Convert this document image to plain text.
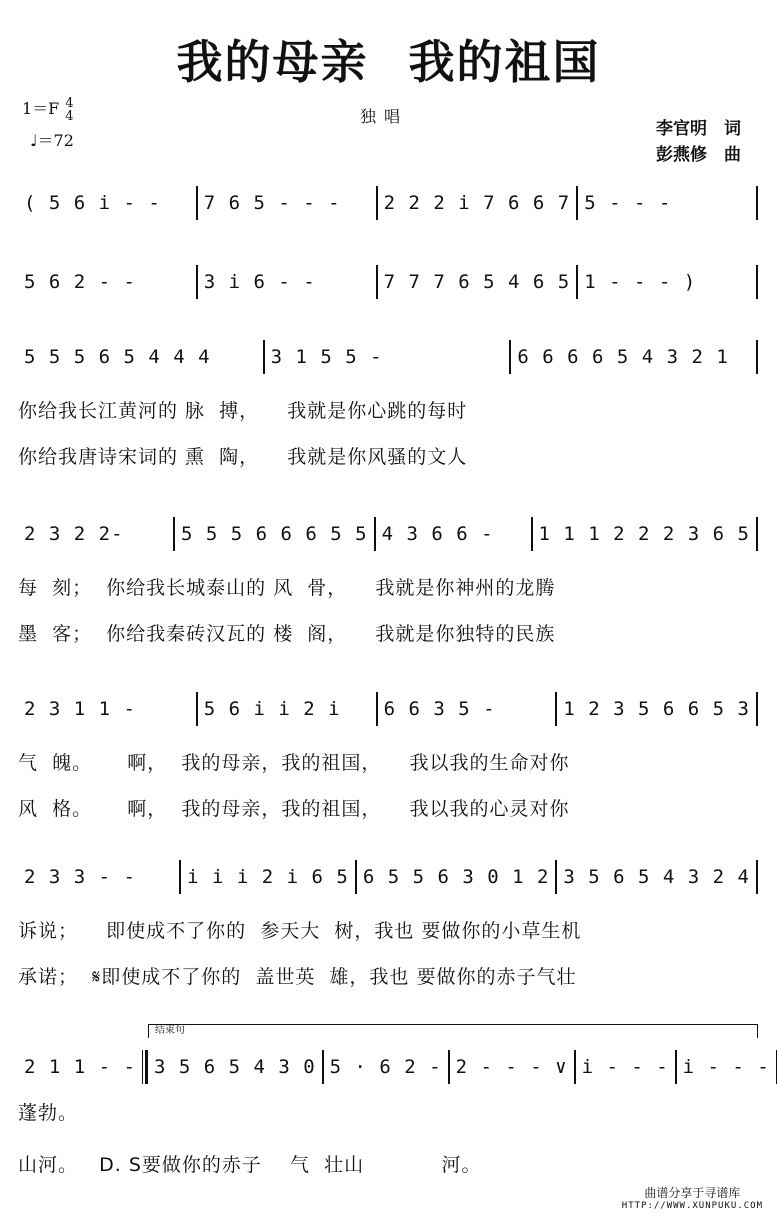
我的母亲 我的祖国
1＝F 4
4
♩＝72
独唱
李官明　词
彭燕修　曲
结束句
( 5 6 i - -	7 6 5 - - -	2 2 2 i 7 6 6 7 5 - - -
5 6 2 - -	3 i 6 - -	7 7 7 6 5 4 6 5 1 - - - )
5 5 5 6 5 4 4 4	3 1 5 5 -	6 6 6 6 5 4 3 2 1
你给我长江黄河的 脉  搏，    我就是你心跳的每时
你给我唐诗宋词的 熏  陶，    我就是你风骚的文人
2 3 2 2-	5 5 5 6 6 6 5 5 4 3 6 6 -	1 1 1 2 2 2 3 6 5
每  刻；  你给我长城泰山的 风  骨，    我就是你神州的龙腾
墨  客；  你给我秦砖汉瓦的 楼  阁，    我就是你独特的民族
2 3 1 1 -	5 6 i i 2 i	6 6 3 5 -	1 2 3 5 6 6 5 3
气  魄。     啊，  我的母亲，我的祖国，    我以我的生命对你
风  格。     啊，  我的母亲，我的祖国，    我以我的心灵对你
2 3 3 - -	i i i 2 i 6 5 6 5 5 6 3 0 1 2 3 5 6 5 4 3 2 4
诉说；    即使成不了你的  参天大  树，我也 要做你的小草生机
承诺；  𝄋即使成不了你的  盖世英  雄，我也 要做你的赤子气壮
2 1 1 - - 3 5 6 5 4 3 0 5 · 6 2 - 2 - - - ∨ i - - - i - - -
蓬勃。
山河。   D. S要做你的赤子    气  壮山           河。
曲谱分享于寻谱库
HTTP://WWW.XUNPUKU.COM
